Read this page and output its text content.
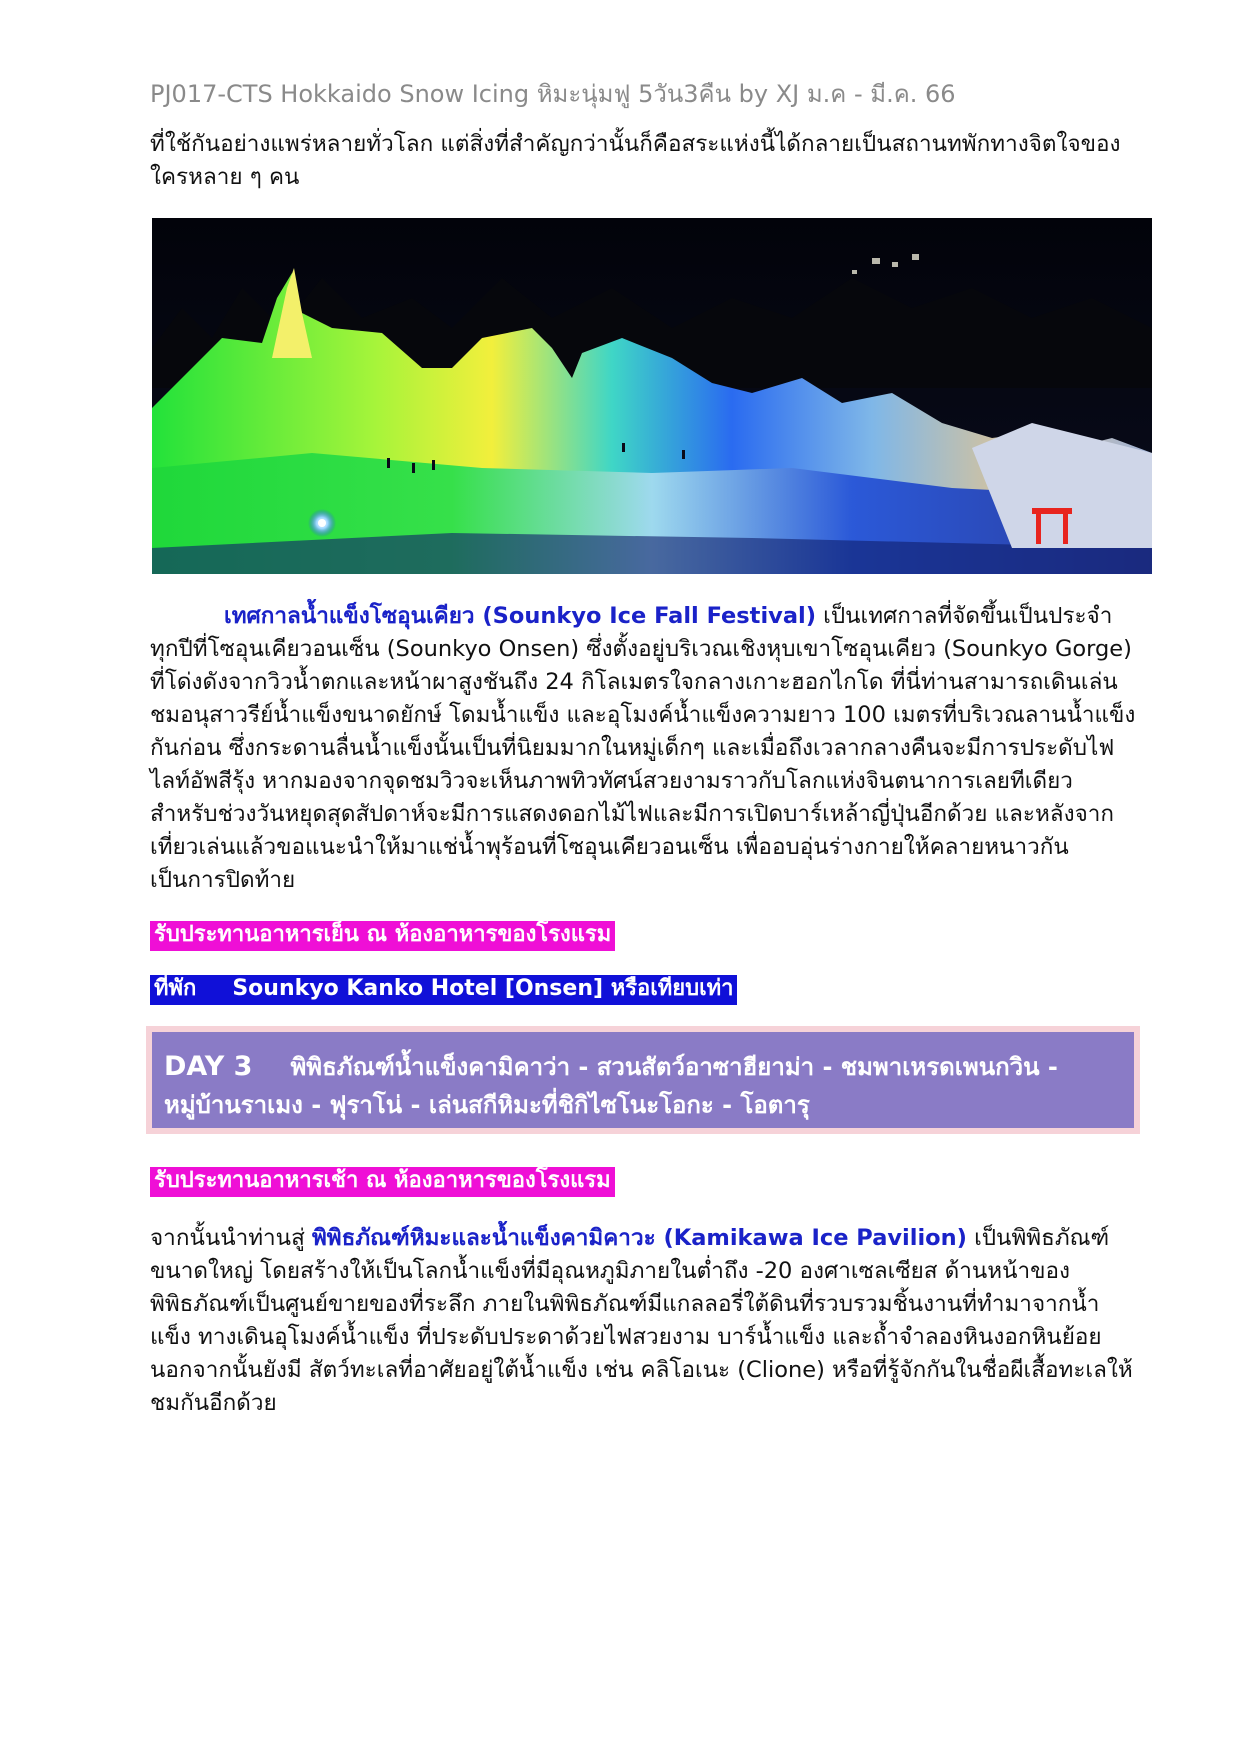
PJ017-CTS Hokkaido Snow Icing หิมะนุ่มฟู 5วัน3คืน by XJ ม.ค - มี.ค. 66
ที่ใช้กันอย่างแพร่หลายทั่วโลก แต่สิ่งที่สำคัญกว่านั้นก็คือสระแห่งนี้ได้กลายเป็นสถานทพักทางจิตใจของใครหลาย ๆ คน
เทศกาลน้ำแข็งโซอุนเคียว (Sounkyo Ice Fall Festival) เป็นเทศกาลที่จัดขึ้นเป็นประจำทุกปีที่โซอุนเคียวอนเซ็น (Sounkyo Onsen) ซึ่งตั้งอยู่บริเวณเชิงหุบเขาโซอุนเคียว (Sounkyo Gorge) ที่โด่งดังจากวิวน้ำตกและหน้าผาสูงชันถึง 24 กิโลเมตรใจกลางเกาะฮอกไกโด ที่นี่ท่านสามารถเดินเล่นชมอนุสาวรีย์น้ำแข็งขนาดยักษ์ โดมน้ำแข็ง และอุโมงค์น้ำแข็งความยาว 100 เมตรที่บริเวณลานน้ำแข็งกันก่อน ซึ่งกระดานลื่นน้ำแข็งนั้นเป็นที่นิยมมากในหมู่เด็กๆ และเมื่อถึงเวลากลางคืนจะมีการประดับไฟไลท์อัพสีรุ้ง หากมองจากจุดชมวิวจะเห็นภาพทิวทัศน์สวยงามราวกับโลกแห่งจินตนาการเลยทีเดียว สำหรับช่วงวันหยุดสุดสัปดาห์จะมีการแสดงดอกไม้ไฟและมีการเปิดบาร์เหล้าญี่ปุ่นอีกด้วย และหลังจากเที่ยวเล่นแล้วขอแนะนำให้มาแช่น้ำพุร้อนที่โซอุนเคียวอนเซ็น เพื่ออบอุ่นร่างกายให้คลายหนาวกันเป็นการปิดท้าย
รับประทานอาหารเย็น ณ ห้องอาหารของโรงแรม
ที่พัก Sounkyo Kanko Hotel [Onsen] หรือเทียบเท่า
DAY 3 พิพิธภัณฑ์น้ำแข็งคามิคาว่า - สวนสัตว์อาซาฮียาม่า - ชมพาเหรดเพนกวิน - หมู่บ้านราเมง - ฟุราโน่ - เล่นสกีหิมะที่ชิกิไซโนะโอกะ - โอตารุ
รับประทานอาหารเช้า ณ ห้องอาหารของโรงแรม
จากนั้นนำท่านสู่ พิพิธภัณฑ์หิมะและน้ำแข็งคามิคาวะ (Kamikawa Ice Pavilion) เป็นพิพิธภัณฑ์ขนาดใหญ่ โดยสร้างให้เป็นโลกน้ำแข็งที่มีอุณหภูมิภายในต่ำถึง -20 องศาเซลเซียส ด้านหน้าของพิพิธภัณฑ์เป็นศูนย์ขายของที่ระลึก ภายในพิพิธภัณฑ์มีแกลลอรี่ใต้ดินที่รวบรวมชิ้นงานที่ทำมาจากน้ำแข็ง ทางเดินอุโมงค์น้ำแข็ง ที่ประดับประดาด้วยไฟสวยงาม บาร์น้ำแข็ง และถ้ำจำลองหินงอกหินย้อย นอกจากนั้นยังมี สัตว์ทะเลที่อาศัยอยู่ใต้น้ำแข็ง เช่น คลิโอเนะ (Clione) หรือที่รู้จักกันในชื่อผีเสื้อทะเลให้ชมกันอีกด้วย
